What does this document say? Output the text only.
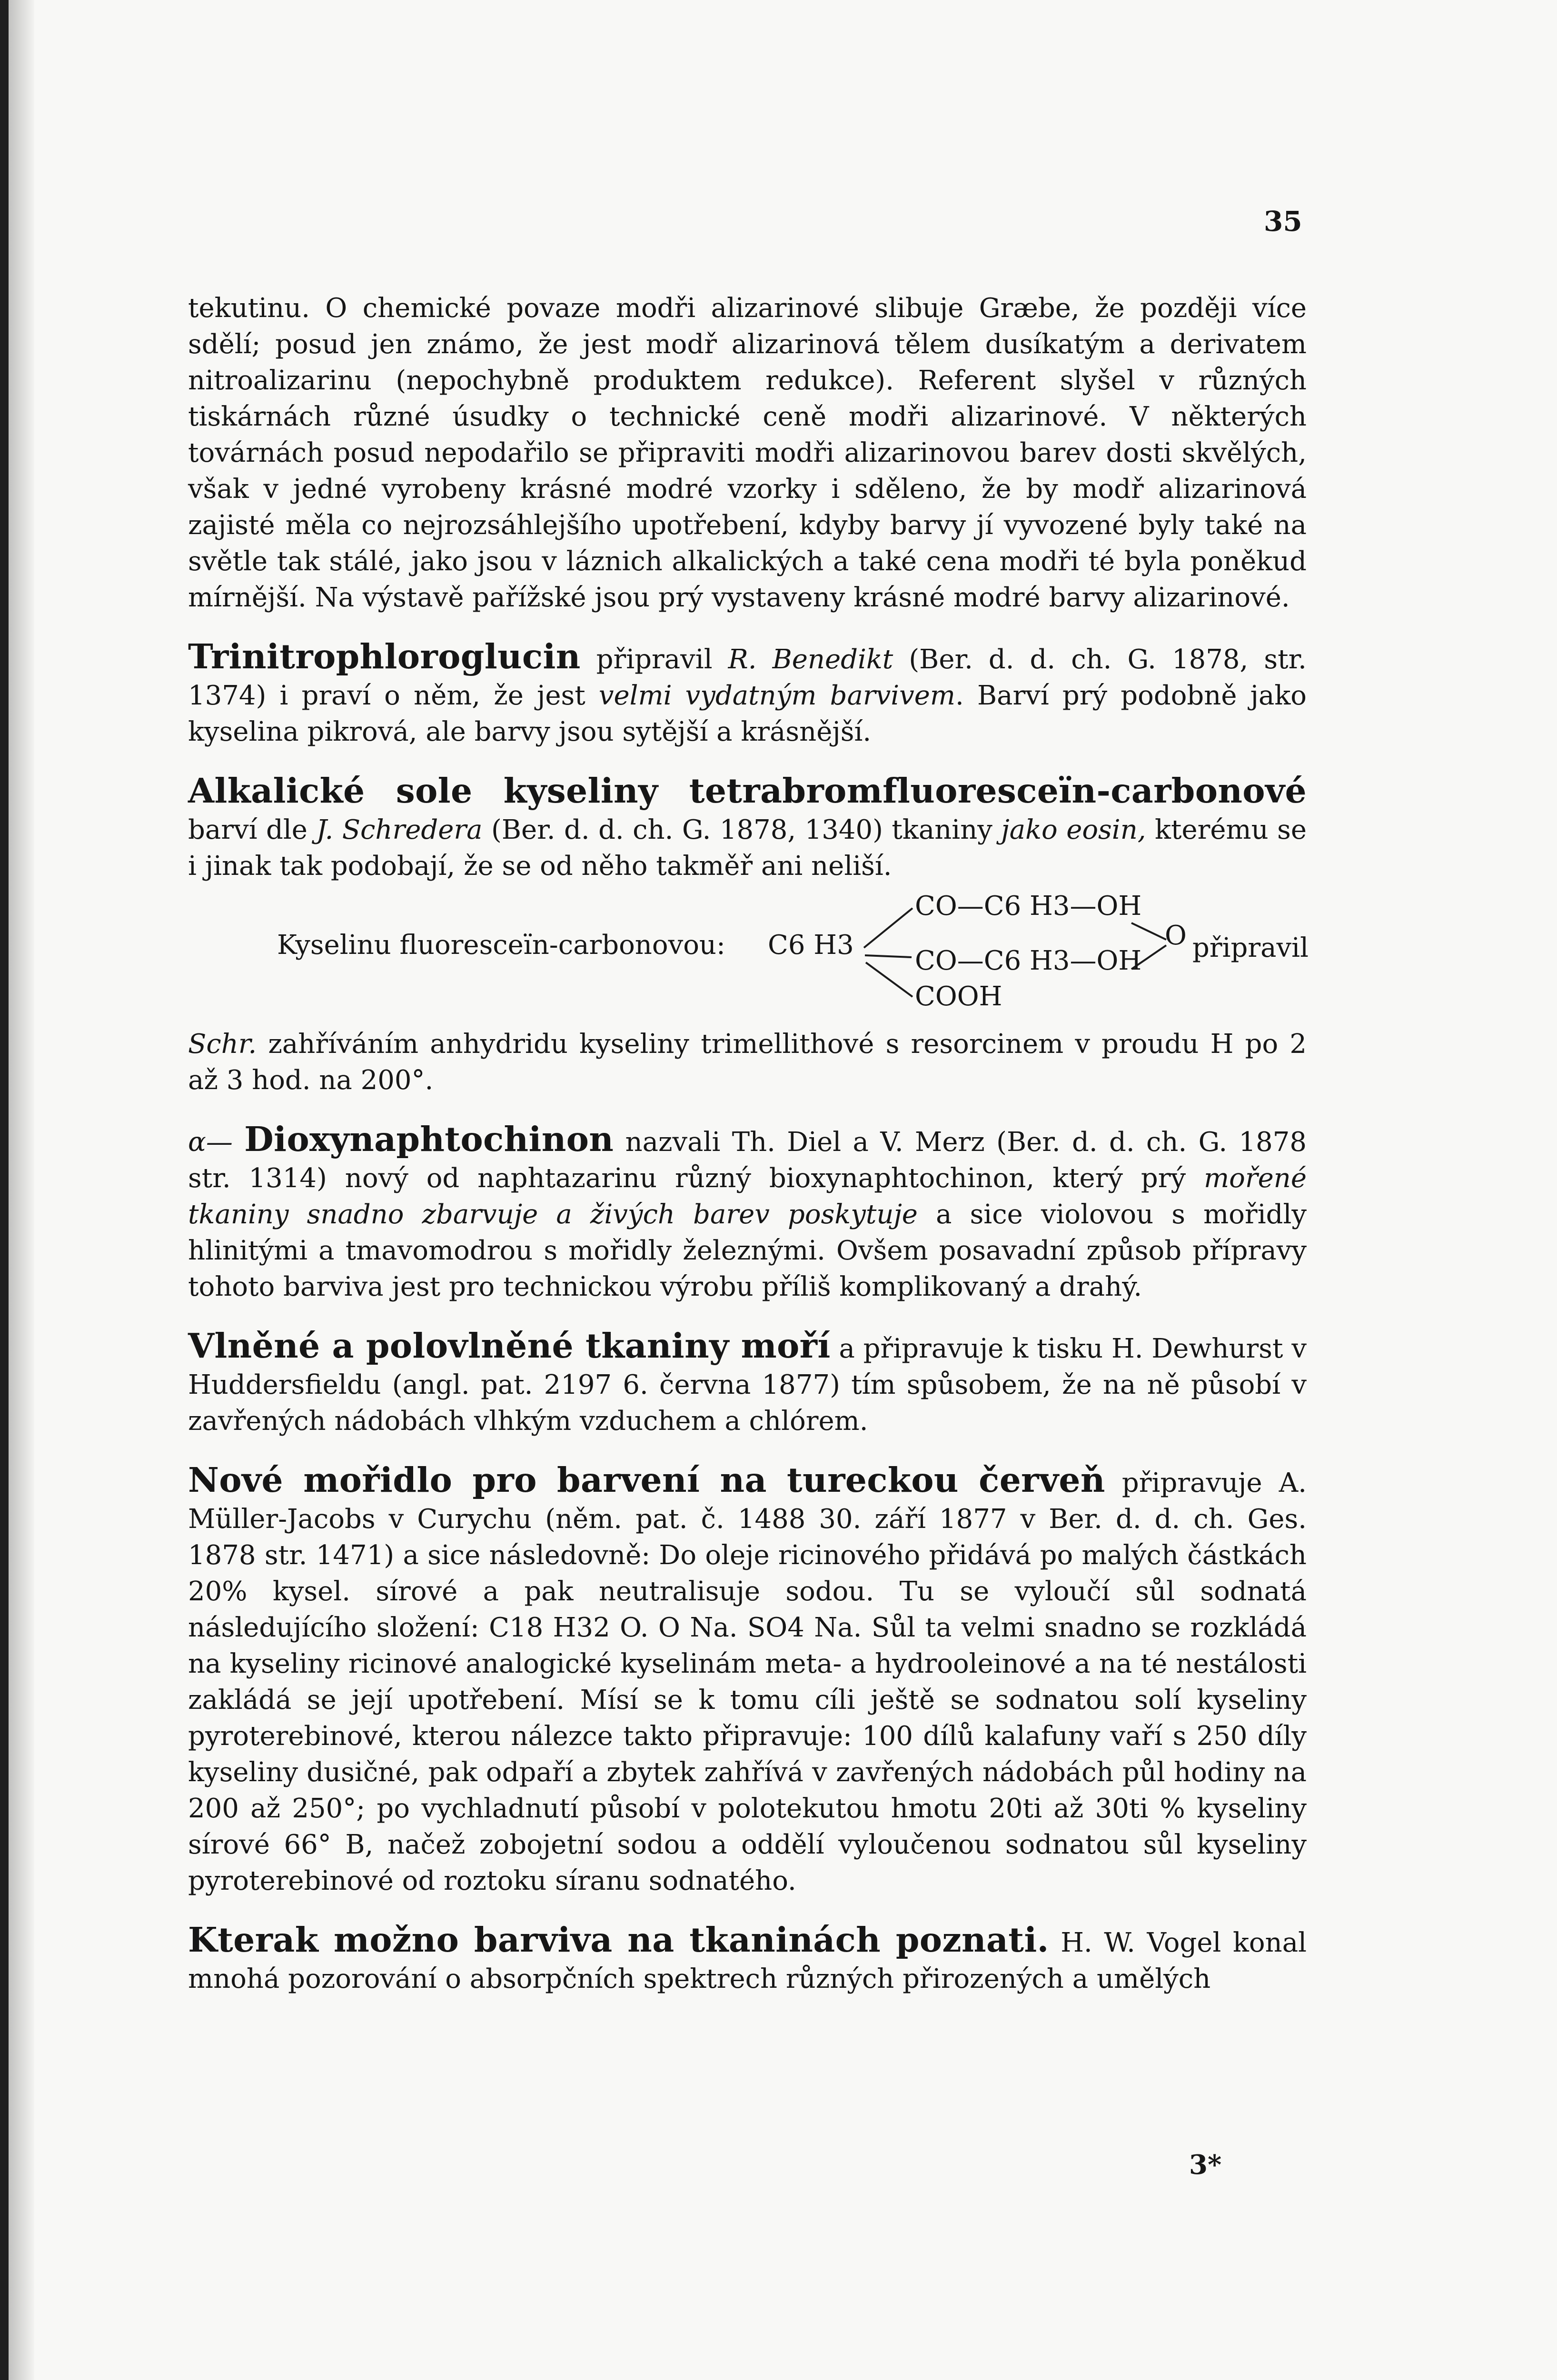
35

tekutinu. O chemické povaze modři alizarinové slibuje Græbe, že později více sdělí; posud jen známo, že jest modř alizarinová tělem dusíkatým a derivatem nitroalizarinu (nepochybně produktem redukce). Referent slyšel v různých tiskárnách různé úsudky o technické ceně modři alizarinové. V některých továrnách posud nepodařilo se připraviti modři alizarinovou barev dosti skvělých, však v jedné vyrobeny krásné modré vzorky i sděleno, že by modř alizarinová zajisté měla co nejrozsáhlejšího upotřebení, kdyby barvy jí vyvozené byly také na světle tak stálé, jako jsou v láznich alkalických a také cena modři té byla poněkud mírnější. Na výstavě pařížské jsou prý vystaveny krásné modré barvy alizarinové.

Trinitrophloroglucin připravil R. Benedikt (Ber. d. d. ch. G. 1878, str. 1374) i praví o něm, že jest velmi vydatným barvivem. Barví prý podobně jako kyselina pikrová, ale barvy jsou sytější a krásnější.

Alkalické sole kyseliny tetrabromfluoresceïn-carbonové barví dle J. Schredera (Ber. d. d. ch. G. 1878, 1340) tkaniny jako eosin, kterému se i jinak tak podobají, že se od něho takměř ani neliší.

Kyselinu fluoresceïn-carbonovou: C6 H3
CO—C6 H3—OH
O
CO—C6 H3—OH
COOH
připravil

Schr. zahříváním anhydridu kyseliny trimellithové s resorcinem v proudu H po 2 až 3 hod. na 200°.

α— Dioxynaphtochinon nazvali Th. Diel a V. Merz (Ber. d. d. ch. G. 1878 str. 1314) nový od naphtazarinu různý bioxynaphtochinon, který prý mořené tkaniny snadno zbarvuje a živých barev poskytuje a sice violovou s mořidly hlinitými a tmavomodrou s mořidly železnými. Ovšem posavadní způsob přípravy tohoto barviva jest pro technickou výrobu příliš komplikovaný a drahý.

Vlněné a polovlněné tkaniny moří a připravuje k tisku H. Dewhurst v Huddersfieldu (angl. pat. 2197 6. června 1877) tím spůsobem, že na ně působí v zavřených nádobách vlhkým vzduchem a chlórem.

Nové mořidlo pro barvení na tureckou červeň připravuje A. Müller-Jacobs v Curychu (něm. pat. č. 1488 30. září 1877 v Ber. d. d. ch. Ges. 1878 str. 1471) a sice následovně: Do oleje ricinového přidává po malých částkách 20% kysel. sírové a pak neutralisuje sodou. Tu se vyloučí sůl sodnatá následujícího složení: C18 H32 O. O Na. SO4 Na. Sůl ta velmi snadno se rozkládá na kyseliny ricinové analogické kyselinám meta- a hydrooleinové a na té nestálosti zakládá se její upotřebení. Mísí se k tomu cíli ještě se sodnatou solí kyseliny pyroterebinové, kterou nálezce takto připravuje: 100 dílů kalafuny vaří s 250 díly kyseliny dusičné, pak odpaří a zbytek zahřívá v zavřených nádobách půl hodiny na 200 až 250°; po vychladnutí působí v polotekutou hmotu 20ti až 30ti % kyseliny sírové 66° B, načež zobojetní sodou a oddělí vyloučenou sodnatou sůl kyseliny pyroterebinové od roztoku síranu sodnatého.

Kterak možno barviva na tkaninách poznati. H. W. Vogel konal mnohá pozorování o absorpčních spektrech různých přirozených a umělých

3*
